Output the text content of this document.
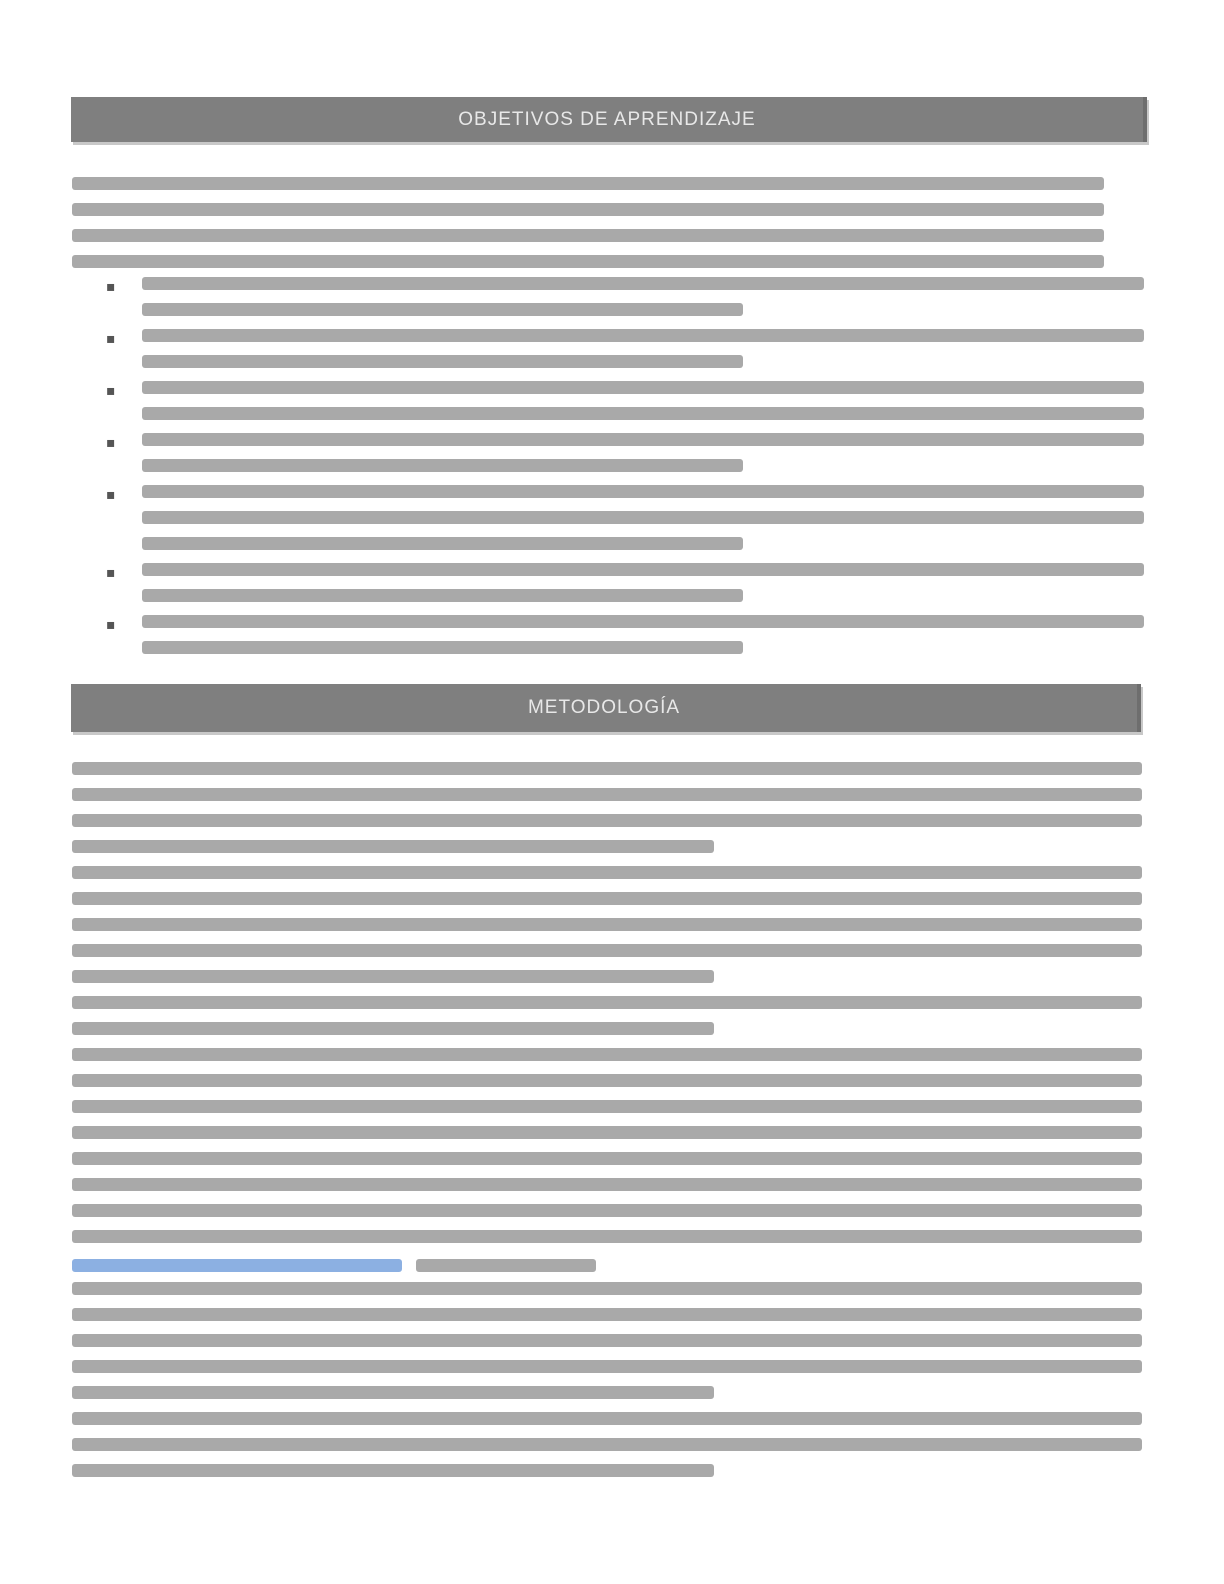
OBJETIVOS DE APRENDIZAJE
▪
▪
▪
▪
▪
▪
▪
METODOLOGÍA
